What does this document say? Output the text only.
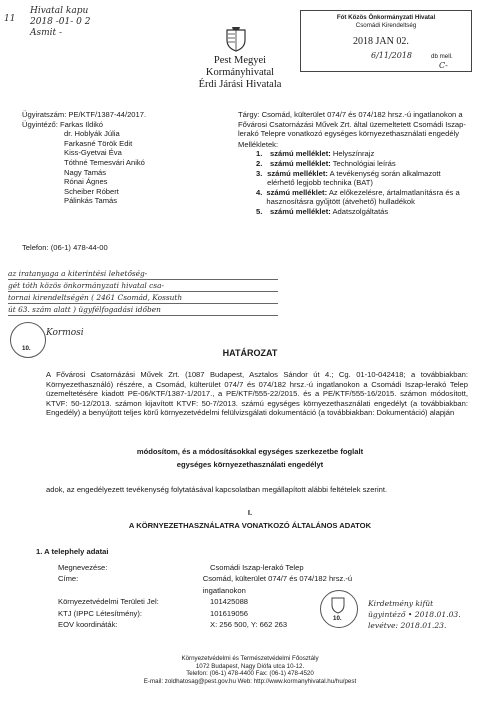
Hivatal kapu
2018 -01- 0 2
Asmit -
11
Pest Megyei
Kormányhivatal
Érdi Járási Hivatala
Fót Közös Önkormányzati Hivatal
Csomádi Kirendeltség
2018 JAN 02.
6/11/2018	db mell.
C-
Ügyiratszám: PE/KTF/1387-44/2017.
Ügyintéző: Farkas Ildikó
dr. Hoblyák Júlia
Farkasné Török Edit
Kiss-Gyetvai Éva
Tóthné Temesvári Anikó
Nagy Tamás
Rónai Ágnes
Scheiber Róbert
Pálinkás Tamás
Telefon: (06-1) 478-44-00
Tárgy: Csomád, külterület 074/7 és 074/182 hrsz.-ú ingatlanokon a Fővárosi Csatornázási Művek Zrt. által üzemeltetett Csomádi Iszap-lerakó Telepre vonatkozó egységes környezethasználati engedély
Mellékletek:
1.	számú melléklet: Helyszínrajz
2.	számú melléklet: Technológiai leírás
3. számú melléklet: A tevékenység során alkalmazott elérhető legjobb technika (BAT)
4. számú melléklet: Az előkezelésre, ártalmatlanításra és a hasznosításra gyűjtött (átvehető) hulladékok
5.	számú melléklet: Adatszolgáltatás
az iratanyaga a kiterintési lehetőség-
gét tóth közös önkormányzati hivatal csa-
tornai kirendeltségén ( 2461 Csomád, Kossuth
út 63. szám alatt ) ügyfélfogadási időben
10.
Kormosi
HATÁROZAT
A Fővárosi Csatornázási Művek Zrt. (1087 Budapest, Asztalos Sándor út 4.; Cg. 01-10-042418; a továbbiakban: Környezethasználó) részére, a Csomád, külterület 074/7 és 074/182 hrsz.-ú ingatlanokon a Csomádi Iszap-lerakó Telep üzemeltetésére kiadott PE-06/KTF/1387-1/2017., a PE/KTF/555-22/2015. és a PE/KTF/555-16/2015. számon módosított, KTVF: 50-12/2013. számon kijavított KTVF: 50-7/2013. számú egységes környezethasználati engedélyt (a továbbiakban: Engedély) a benyújtott teljes körű környezetvédelmi felülvizsgálati dokumentáció (a továbbiakban: Dokumentáció) alapján
módosítom, és a módosításokkal egységes szerkezetbe foglalt
egységes környezethasználati engedélyt
adok, az engedélyezett tevékenység folytatásával kapcsolatban megállapított alábbi feltételek szerint.
I.
A KÖRNYEZETHASZNÁLATRA VONATKOZÓ ÁLTALÁNOS ADATOK
1. A telephely adatai
Megnevezése:	Csomádi Iszap-lerakó Telep
Címe:	Csomád, külterület 074/7 és 074/182 hrsz.-ú ingatlanokon
Környezetvédelmi Területi Jel:	101425088
KTJ (IPPC Létesítmény):	101619056
EOV koordináták:	X: 256 500, Y: 662 263
10.
Kirdetmény kifüt
ügyintéző • 2018.01.03.
levétve: 2018.01.23.
Környezetvédelmi és Természetvédelmi Főosztály
1072 Budapest, Nagy Diófa utca 10-12.
Telefon: (06-1) 478-4400 Fax: (06-1) 478-4520
E-mail: zoldhatosag@pest.gov.hu Web: http://www.kormanyhivatal.hu/hu/pest
